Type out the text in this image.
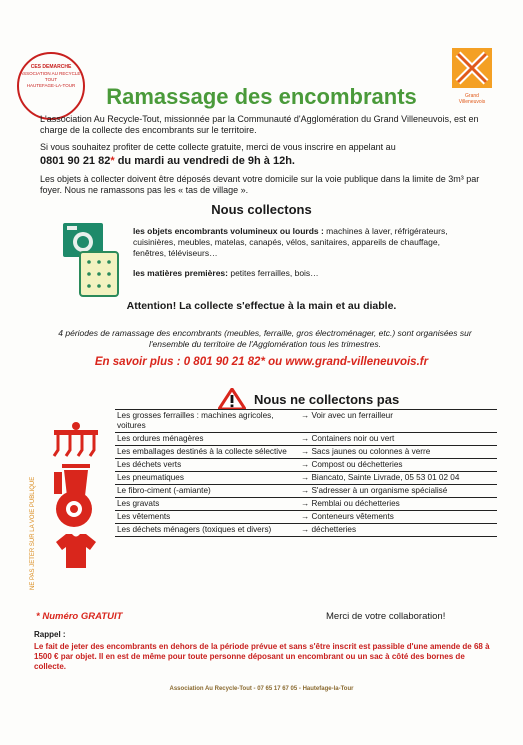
CES DEMARCHE
ASSOCIATION AU RECYCLE-TOUT
HAUTEFAGE-LA-TOUR
Grand Villeneuvois
Ramassage des encombrants
L'association Au Recycle-Tout, missionnée par la Communauté d'Agglomération du Grand Villeneuvois, est en charge de la collecte des encombrants sur le territoire.
Si vous souhaitez profiter de cette collecte gratuite, merci de vous inscrire en appelant au
0801 90 21 82* du mardi au vendredi de 9h à 12h.
Les objets à collecter doivent être déposés devant votre domicile sur la voie publique dans la limite de 3m³ par foyer. Nous ne ramassons pas les « tas de village ».
Nous collectons
les objets encombrants volumineux ou lourds : machines à laver, réfrigérateurs, cuisinières, meubles, matelas, canapés, vélos, sanitaires, appareils de chauffage, fenêtres, téléviseurs…
les matières premières: petites ferrailles, bois…
Attention! La collecte s'effectue à la main et au diable.
4 périodes de ramassage des encombrants (meubles, ferraille, gros électroménager, etc.) sont organisées sur l'ensemble du territoire de l'Agglomération tous les trimestres.
En savoir plus : 0 801 90 21 82* ou www.grand-villeneuvois.fr
Nous ne collectons pas
NE PAS JETER SUR LA VOIE PUBLIQUE
Les grosses ferrailles : machines agricoles, voitures	→ Voir avec un ferrailleur
Les ordures ménagères	→ Containers noir ou vert
Les emballages destinés à la collecte sélective	→ Sacs jaunes ou colonnes à verre
Les déchets verts	→ Compost ou déchetteries
Les pneumatiques	→ Biancato, Sainte Livrade, 05 53 01 02 04
Le fibro-ciment (-amiante)	→ S'adresser à un organisme spécialisé
Les gravats	→ Remblai ou déchetteries
Les vêtements	→ Conteneurs vêtements
Les déchets ménagers (toxiques et divers)	→ déchetteries
* Numéro GRATUIT	Merci de votre collaboration!
Rappel :
Le fait de jeter des encombrants en dehors de la période prévue et sans s'être inscrit est passible d'une amende de 68 à 1500 € par objet. Il en est de même pour toute personne déposant un encombrant ou un sac à côté des bornes de collecte.
Association Au Recycle-Tout - 07 65 17 67 05 - Hautefage-la-Tour
